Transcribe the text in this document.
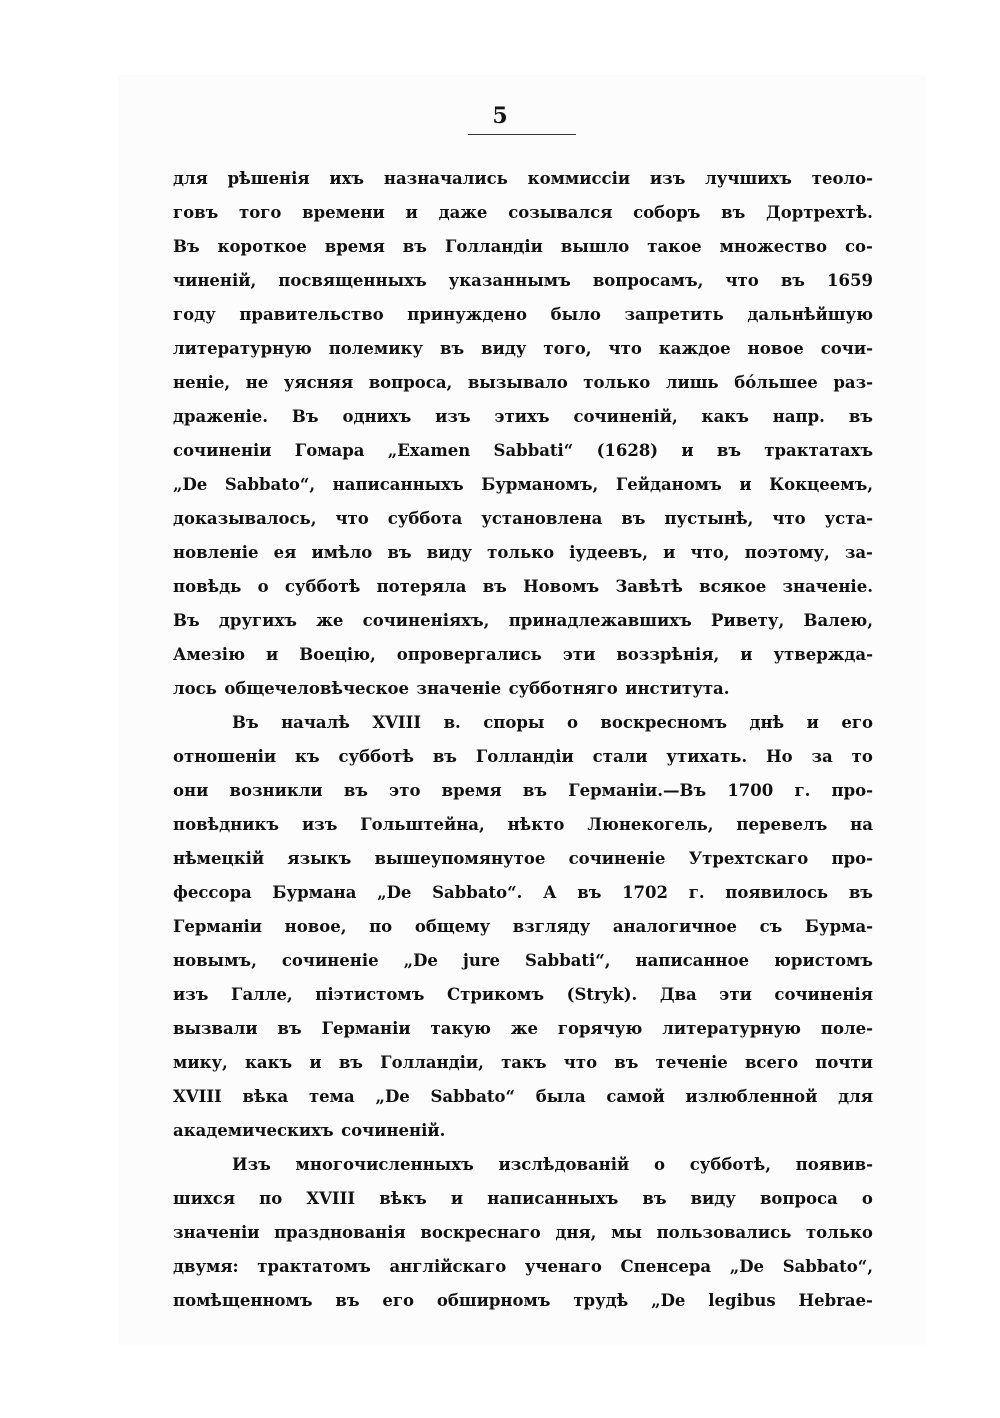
5
для рѣшенія ихъ назначались коммиссіи изъ лучшихъ теоло-
говъ того времени и даже созывался соборъ въ Дортрехтѣ.
Въ короткое время въ Голландіи вышло такое множество со-
чиненій, посвященныхъ указаннымъ вопросамъ, что въ 1659
году правительство принуждено было запретить дальнѣйшую
литературную полемику въ виду того, что каждое новое сочи-
неніе, не уясняя вопроса, вызывало только лишь бóльшее раз-
драженіе. Въ однихъ изъ этихъ сочиненій, какъ напр. въ
сочиненіи Гомара „Examen Sabbati“ (1628) и въ трактатахъ
„De Sabbato“, написанныхъ Бурманомъ, Гейданомъ и Кокцеемъ,
доказывалось, что суббота установлена въ пустынѣ, что уста-
новленіе ея имѣло въ виду только іудеевъ, и что, поэтому, за-
повѣдь о субботѣ потеряла въ Новомъ Завѣтѣ всякое значеніе.
Въ другихъ же сочиненіяхъ, принадлежавшихъ Ривету, Валею,
Амезію и Воецію, опровергались эти воззрѣнія, и утвержда-
лось общечеловѣческое значеніе субботняго института.
Въ началѣ XVIII в. споры о воскресномъ днѣ и его
отношеніи къ субботѣ въ Голландіи стали утихать. Но за то
они возникли въ это время въ Германіи.—Въ 1700 г. про-
повѣдникъ изъ Гольштейна, нѣкто Люнекогель, перевелъ на
нѣмецкій языкъ вышеупомянутое сочиненіе Утрехтскаго про-
фессора Бурмана „De Sabbato“. А въ 1702 г. появилось въ
Германіи новое, по общему взгляду аналогичное съ Бурма-
новымъ, сочиненіе „De jure Sabbati“, написанное юристомъ
изъ Галле, піэтистомъ Стрикомъ (Stryk). Два эти сочиненія
вызвали въ Германіи такую же горячую литературную поле-
мику, какъ и въ Голландіи, такъ что въ теченіе всего почти
XVIII вѣка тема „De Sabbato“ была самой излюбленной для
академическихъ сочиненій.
Изъ многочисленныхъ изслѣдованій о субботѣ, появив-
шихся по XVIII вѣкъ и написанныхъ въ виду вопроса о
значеніи празднованія воскреснаго дня, мы пользовались только
двумя: трактатомъ англійскаго ученаго Спенсера „De Sabbato“,
помѣщенномъ въ его обширномъ трудѣ „De legibus Hebrae-
